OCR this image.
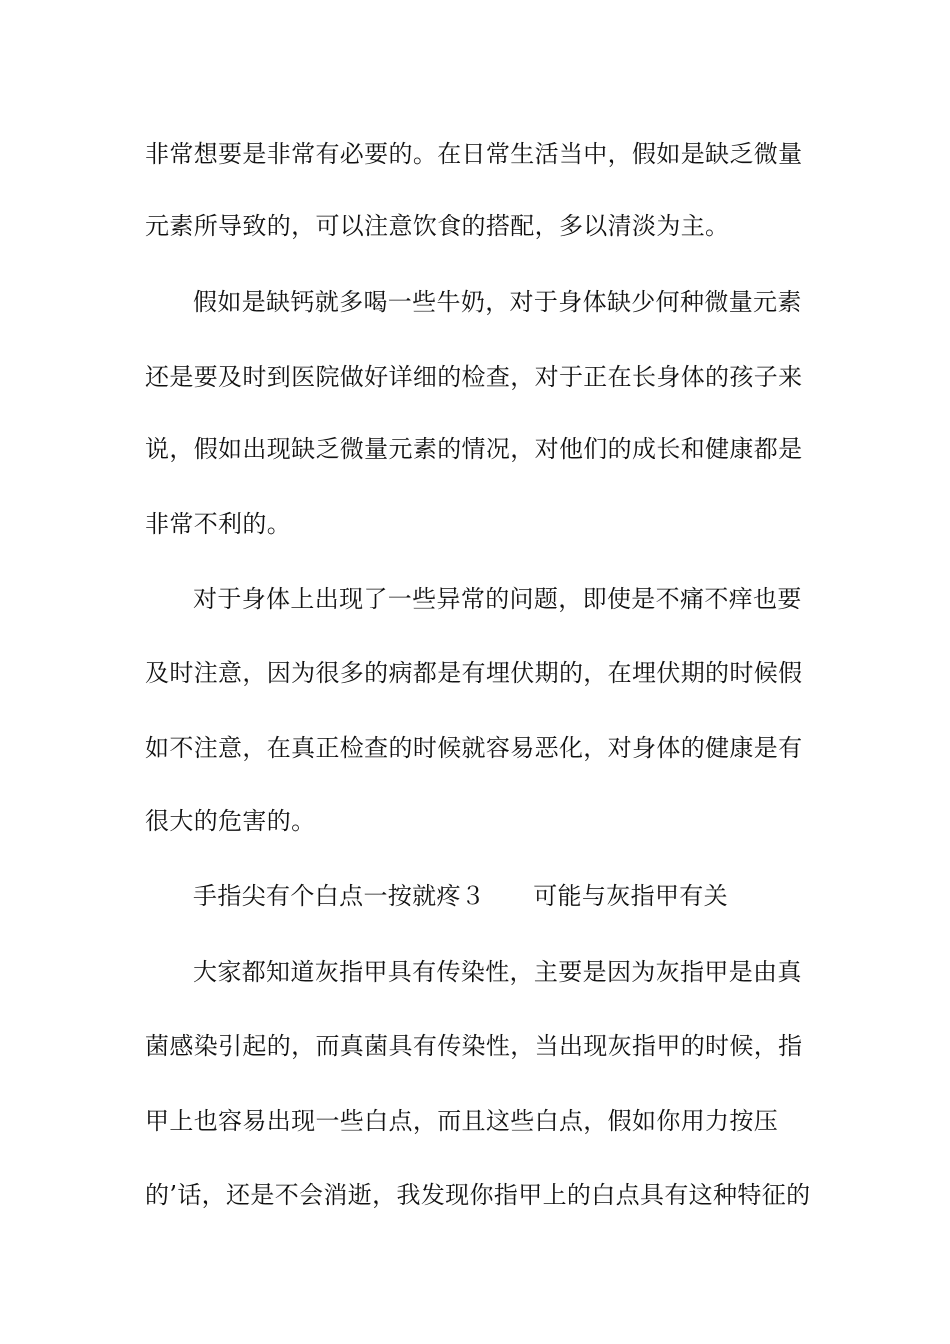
非常想要是非常有必要的。在日常生活当中，假如是缺乏微量
元素所导致的，可以注意饮食的搭配，多以清淡为主。
假如是缺钙就多喝一些牛奶，对于身体缺少何种微量元素
还是要及时到医院做好详细的检查，对于正在长身体的孩子来
说，假如出现缺乏微量元素的情况，对他们的成长和健康都是
非常不利的。
对于身体上出现了一些异常的问题，即使是不痛不痒也要
及时注意，因为很多的病都是有埋伏期的，在埋伏期的时候假
如不注意，在真正检查的时候就容易恶化，对身体的健康是有
很大的危害的。
手指尖有个白点一按就疼３ 可能与灰指甲有关
大家都知道灰指甲具有传染性，主要是因为灰指甲是由真
菌感染引起的，而真菌具有传染性，当出现灰指甲的时候，指
甲上也容易出现一些白点，而且这些白点，假如你用力按压
的’话，还是不会消逝，我发现你指甲上的白点具有这种特征的
